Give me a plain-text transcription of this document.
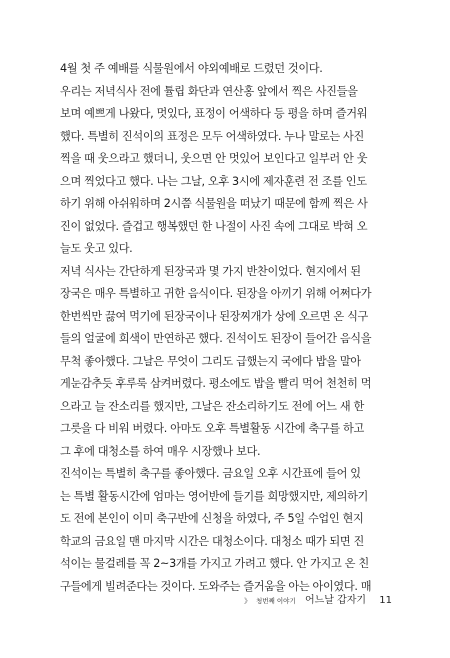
4월 첫 주 예배를 식물원에서 야외예배로 드렸던 것이다.
우리는 저녁식사 전에 튤립 화단과 연산홍 앞에서 찍은 사진들을
보며 예쁘게 나왔다, 멋있다, 표정이 어색하다 등 평을 하며 즐거워
했다. 특별히 진석이의 표정은 모두 어색하였다. 누나 말로는 사진
찍을 때 웃으라고 했더니, 웃으면 안 멋있어 보인다고 일부러 안 웃
으며 찍었다고 했다. 나는 그날, 오후 3시에 제자훈련 전 조를 인도
하기 위해 아쉬워하며 2시쯤 식물원을 떠났기 때문에 함께 찍은 사
진이 없었다. 즐겁고 행복했던 한 나절이 사진 속에 그대로 박혀 오
늘도 웃고 있다.
저녁 식사는 간단하게 된장국과 몇 가지 반찬이었다. 현지에서 된
장국은 매우 특별하고 귀한 음식이다. 된장을 아끼기 위해 어쩌다가
한번씩만 끓여 먹기에 된장국이나 된장찌개가 상에 오르면 온 식구
들의 얼굴에 희색이 만연하곤 했다. 진석이도 된장이 들어간 음식을
무척 좋아했다. 그날은 무엇이 그리도 급했는지 국에다 밥을 말아
게눈감추듯 후루룩 삼켜버렸다. 평소에도 밥을 빨리 먹어 천천히 먹
으라고 늘 잔소리를 했지만, 그날은 잔소리하기도 전에 어느 새 한
그릇을 다 비워 버렸다. 아마도 오후 특별활동 시간에 축구를 하고
그 후에 대청소를 하여 매우 시장했나 보다.
진석이는 특별히 축구를 좋아했다. 금요일 오후 시간표에 들어 있
는 특별 활동시간에 엄마는 영어반에 들기를 희망했지만, 제의하기
도 전에 본인이 이미 축구반에 신청을 하였다, 주 5일 수업인 현지
학교의 금요일 맨 마지막 시간은 대청소이다. 대청소 때가 되면 진
석이는 물걸레를 꼭 2~3개를 가지고 가려고 했다. 안 가지고 온 친
구들에게 빌려준다는 것이다. 도와주는 즐거움을 아는 아이였다. 매
》 청번째 이야기 어느날 갑자기 11
